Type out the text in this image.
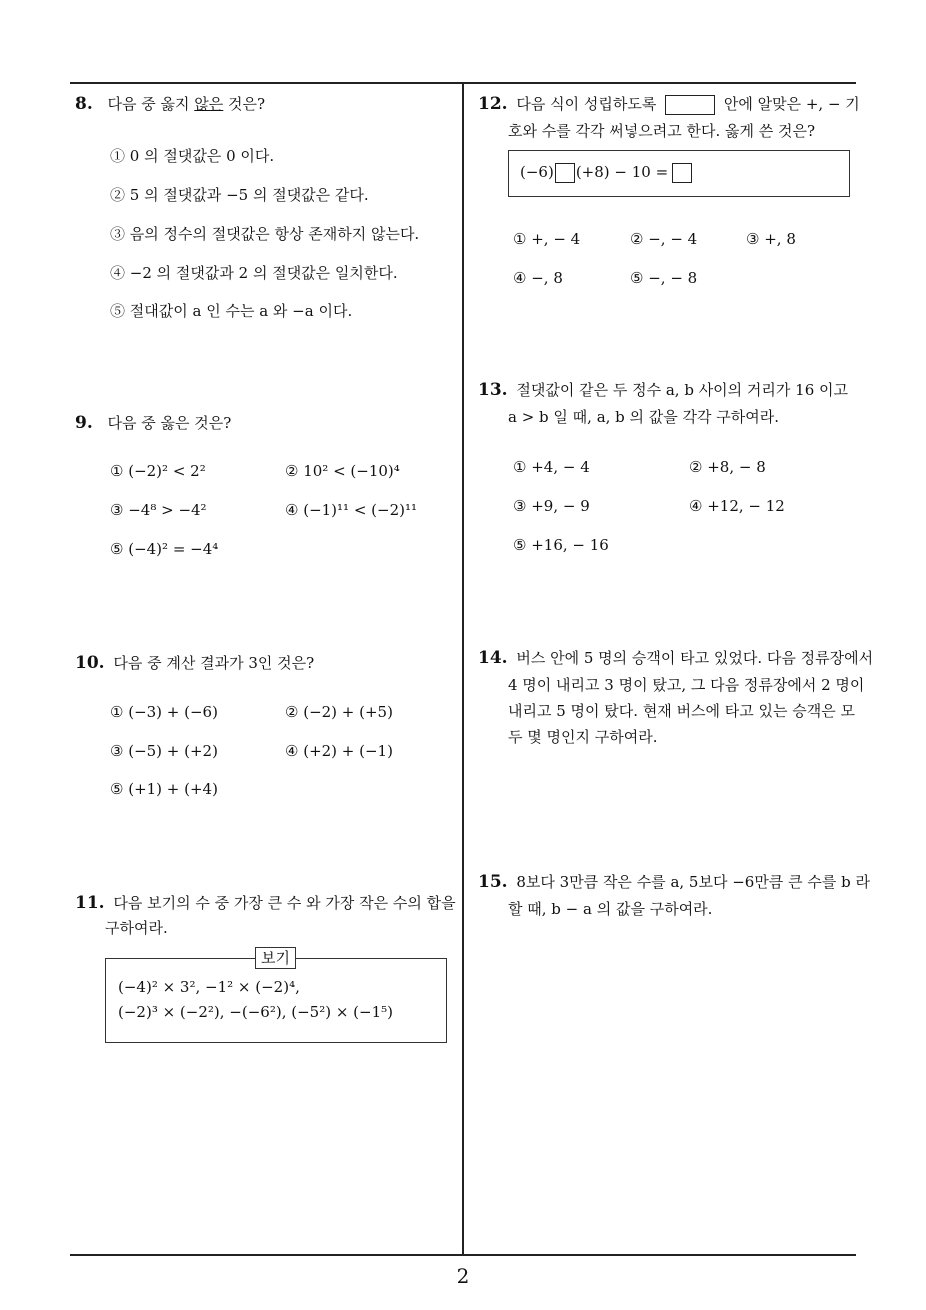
8. 다음 중 옳지 않은 것은?
① 0 의 절댓값은 0 이다.
② 5 의 절댓값과 −5 의 절댓값은 같다.
③ 음의 정수의 절댓값은 항상 존재하지 않는다.
④ −2 의 절댓값과 2 의 절댓값은 일치한다.
⑤ 절대값이 a 인 수는 a 와 −a 이다.
9. 다음 중 옳은 것은?
① (−2)² < 2²	② 10² < (−10)⁴
③ −4⁸ > −4²	④ (−1)¹¹ < (−2)¹¹
⑤ (−4)² = −4⁴
10. 다음 중 계산 결과가 3인 것은?
① (−3) + (−6)	② (−2) + (+5)
③ (−5) + (+2)	④ (+2) + (−1)
⑤ (+1) + (+4)
11. 다음 보기의 수 중 가장 큰 수 와 가장 작은 수의 합을
구하여라.
보기
(−4)² × 3², −1² × (−2)⁴,
(−2)³ × (−2²), −(−6²), (−5²) × (−1⁵)
12. 다음 식이 성립하도록	안에 알맞은 +, − 기
호와 수를 각각 써넣으려고 한다. 옳게 쓴 것은?
(−6) (+8) − 10 =
① +, − 4	② −, − 4	③ +, 8
④ −, 8	⑤ −, − 8
13. 절댓값이 같은 두 정수 a, b 사이의 거리가 16 이고
a > b 일 때, a, b 의 값을 각각 구하여라.
① +4, − 4	② +8, − 8
③ +9, − 9	④ +12, − 12
⑤ +16, − 16
14. 버스 안에 5 명의 승객이 타고 있었다. 다음 정류장에서
4 명이 내리고 3 명이 탔고, 그 다음 정류장에서 2 명이
내리고 5 명이 탔다. 현재 버스에 타고 있는 승객은 모
두 몇 명인지 구하여라.
15. 8보다 3만큼 작은 수를 a, 5보다 −6만큼 큰 수를 b 라
할 때, b − a 의 값을 구하여라.
2
